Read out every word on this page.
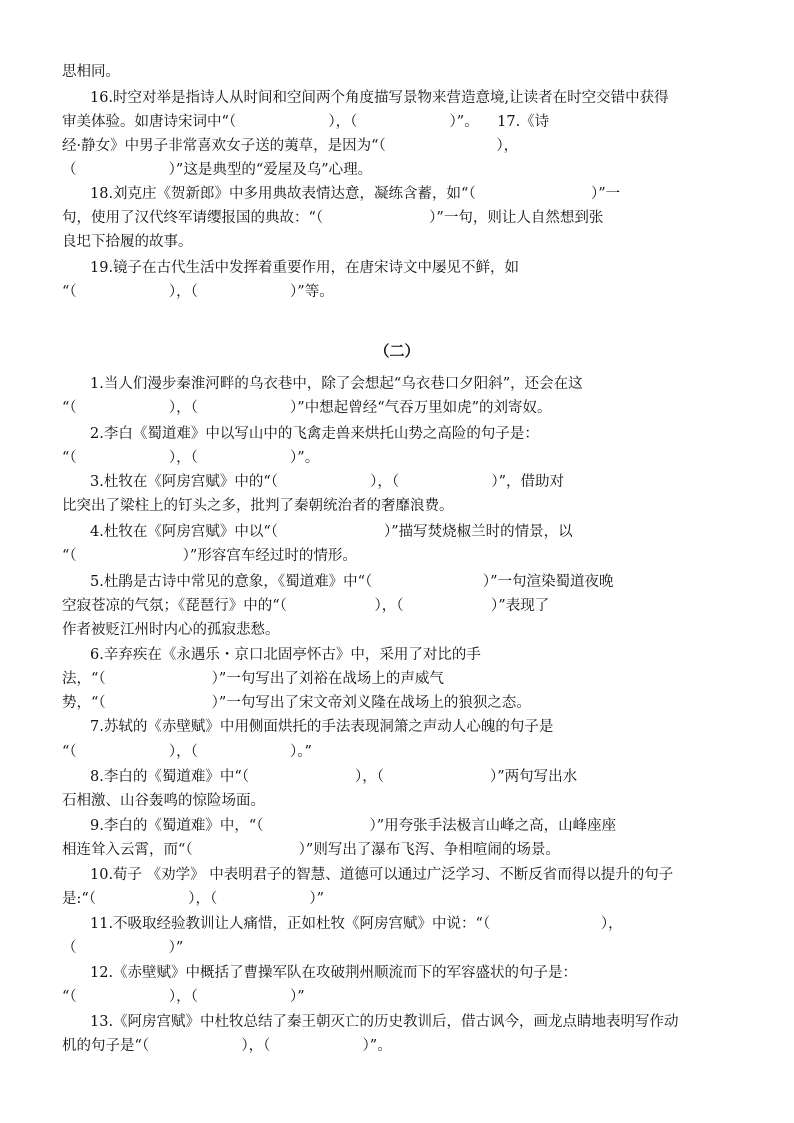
思相同。
16.时空对举是指诗人从时间和空间两个角度描写景物来营造意境,让读者在时空交错中获得
审美体验。如唐诗宋词中“（                    ），（                    ）”。    17.《诗
经·静女》中男子非常喜欢女子送的荑草，是因为“（                        ），
（                    ）”这是典型的“爱屋及乌”心理。
18.刘克庄《贺新郎》中多用典故表情达意，凝练含蓄，如“（                         ）”一
句，使用了汉代终军请缨报国的典故：“（                       ）”一句，则让人自然想到张
良圯下拾履的故事。
19.镜子在古代生活中发挥着重要作用，在唐宋诗文中屡见不鲜，如
“（                    ），（                    ）”等。
（二）
1.当人们漫步秦淮河畔的乌衣巷中，除了会想起“乌衣巷口夕阳斜”，还会在这
“（                    ），（                    ）”中想起曾经“气吞万里如虎”的刘寄奴。
2.李白《蜀道难》中以写山中的飞禽走兽来烘托山势之高险的句子是：
“（                    ），（                    ）”。
3.杜牧在《阿房宫赋》中的“（                    ），（                    ）”，借助对
比突出了梁柱上的钉头之多，批判了秦朝统治者的奢靡浪费。
4.杜牧在《阿房宫赋》中以“（                       ）”描写焚烧椒兰时的情景，以
“（                       ）”形容宫车经过时的情形。
5.杜鹃是古诗中常见的意象，《蜀道难》中“（                        ）”一句渲染蜀道夜晚
空寂苍凉的气氛；《琵琶行》中的“（                   ），（                   ）”表现了
作者被贬江州时内心的孤寂悲愁。
6.辛弃疾在《永遇乐・京口北固亭怀古》中，采用了对比的手
法，“（                       ）”一句写出了刘裕在战场上的声威气
势，“（                       ）”一句写出了宋文帝刘义隆在战场上的狼狈之态。
7.苏轼的《赤壁赋》中用侧面烘托的手法表现洞箫之声动人心魄的句子是
“（                    ），（                    ）。”
8.李白的《蜀道难》中“（                       ），（                       ）”两句写出水
石相激、山谷轰鸣的惊险场面。
9.李白的《蜀道难》中，“（                       ）”用夸张手法极言山峰之高，山峰座座
相连耸入云霄，而“（                       ）”则写出了瀑布飞泻、争相喧闹的场景。
10.荀子 《劝学》 中表明君子的智慧、道德可以通过广泛学习、不断反省而得以提升的句子
是:“（                    ），（                    ）”
11.不吸取经验教训让人痛惜，正如杜牧《阿房宫赋》中说：“（                        ），
（                    ）”
12.《赤壁赋》中概括了曹操军队在攻破荆州顺流而下的军容盛状的句子是：
“（                    ），（                    ）”
13.《阿房宫赋》中杜牧总结了秦王朝灭亡的历史教训后，借古讽今，画龙点睛地表明写作动
机的句子是“（                    ），（                    ）”。
